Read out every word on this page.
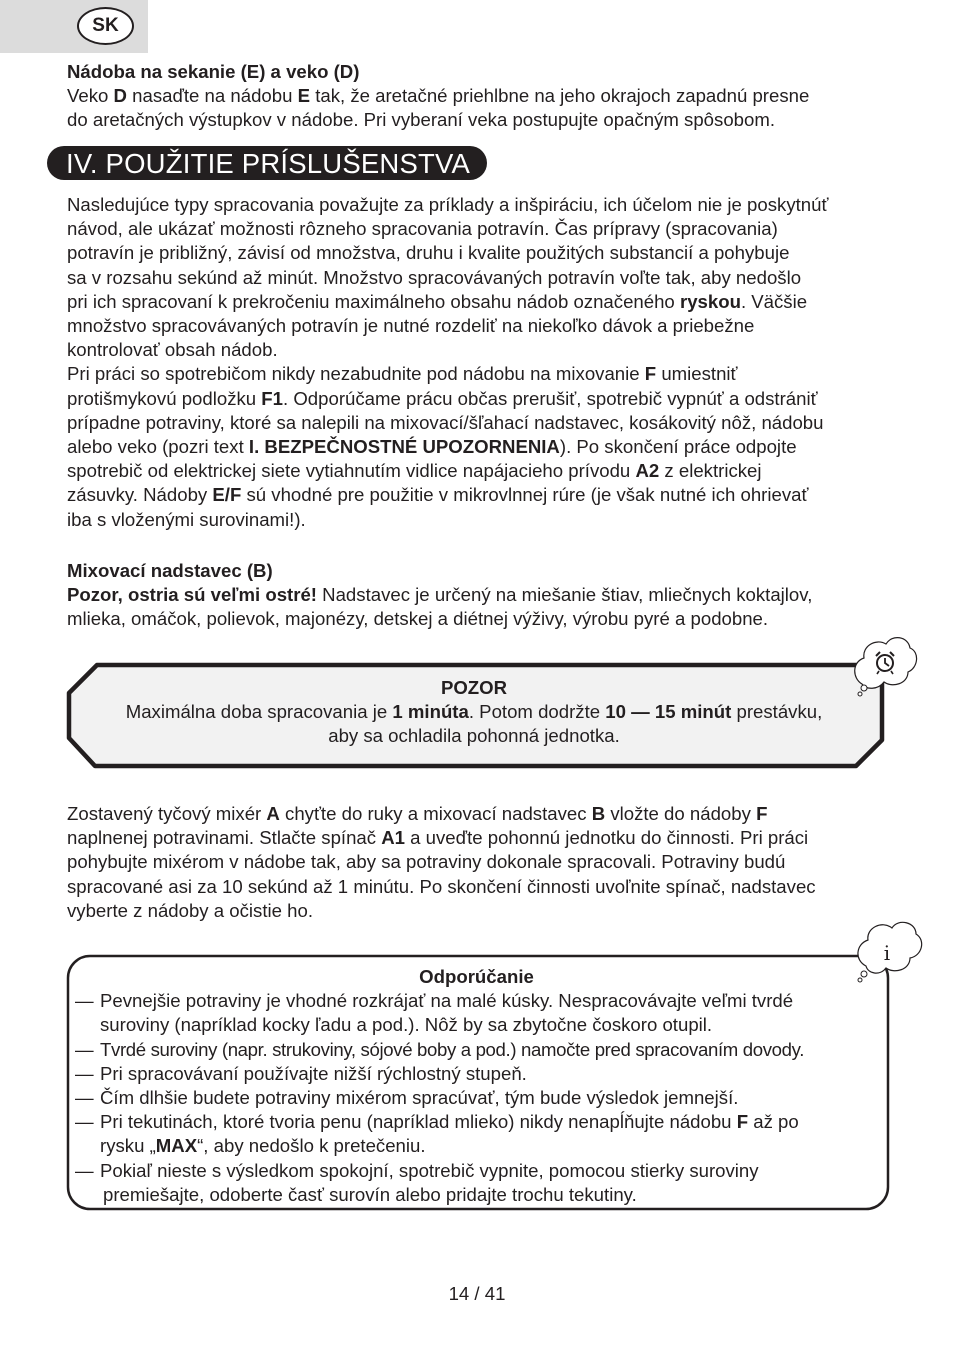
SK
Nádoba na sekanie (E) a veko (D)
Veko D nasaďte na nádobu E tak, že aretačné priehlbne na jeho okrajoch zapadnú presne
do aretačných výstupkov v nádobe. Pri vyberaní veka postupujte opačným spôsobom.
IV. POUŽITIE PRÍSLUŠENSTVA
Nasledujúce typy spracovania považujte za príklady a inšpiráciu, ich účelom nie je poskytnúť
návod, ale ukázať možnosti rôzneho spracovania potravín. Čas prípravy (spracovania)
potravín je približný, závisí od množstva, druhu i kvalite použitých substancií a pohybuje
sa v rozsahu sekúnd až minút. Množstvo spracovávaných potravín voľte tak, aby nedošlo
pri ich spracovaní k prekročeniu maximálneho obsahu nádob označeného ryskou. Väčšie
množstvo spracovávaných potravín je nutné rozdeliť na niekoľko dávok a priebežne
kontrolovať obsah nádob.
Pri práci so spotrebičom nikdy nezabudnite pod nádobu na mixovanie F umiestniť
protišmykovú podložku F1. Odporúčame prácu občas prerušiť, spotrebič vypnúť a odstrániť
prípadne potraviny, ktoré sa nalepili na mixovací/šľahací nadstavec, kosákovitý nôž, nádobu
alebo veko (pozri text I. BEZPEČNOSTNÉ UPOZORNENIA). Po skončení práce odpojte
spotrebič od elektrickej siete vytiahnutím vidlice napájacieho prívodu A2 z elektrickej
zásuvky. Nádoby E/F sú vhodné pre použitie v mikrovlnnej rúre (je však nutné ich ohrievať
iba s vloženými surovinami!).
Mixovací nadstavec (B)
Pozor, ostria sú veľmi ostré! Nadstavec je určený na miešanie štiav, mliečnych koktajlov,
mlieka, omáčok, polievok, majonézy, detskej a diétnej výživy, výrobu pyré a podobne.
i
POZOR
Maximálna doba spracovania je 1 minúta. Potom dodržte 10 — 15 minút prestávku,
aby sa ochladila pohonná jednotka.
Zostavený tyčový mixér A chyťte do ruky a mixovací nadstavec B vložte do nádoby F
naplnenej potravinami. Stlačte spínač A1 a uveďte pohonnú jednotku do činnosti. Pri práci
pohybujte mixérom v nádobe tak, aby sa potraviny dokonale spracovali. Potraviny budú
spracované asi za 10 sekúnd až 1 minútu. Po skončení činnosti uvoľnite spínač, nadstavec
vyberte z nádoby a očistie ho.
Odporúčanie
— Pevnejšie potraviny je vhodné rozkrájať na malé kúsky. Nespracovávajte veľmi tvrdé
suroviny (napríklad kocky ľadu a pod.). Nôž by sa zbytočne čoskoro otupil.
— Tvrdé suroviny (napr. strukoviny, sójové boby a pod.) namočte pred spracovaním dovody.
— Pri spracovávaní používajte nižší rýchlostný stupeň.
— Čím dlhšie budete potraviny mixérom spracúvať, tým bude výsledok jemnejší.
— Pri tekutinách, ktoré tvoria penu (napríklad mlieko) nikdy nenapĺňujte nádobu F až po
rysku „MAX“, aby nedošlo k pretečeniu.
— Pokiaľ nieste s výsledkom spokojní, spotrebič vypnite, pomocou stierky suroviny
premiešajte, odoberte časť surovín alebo pridajte trochu tekutiny.
14 / 41
